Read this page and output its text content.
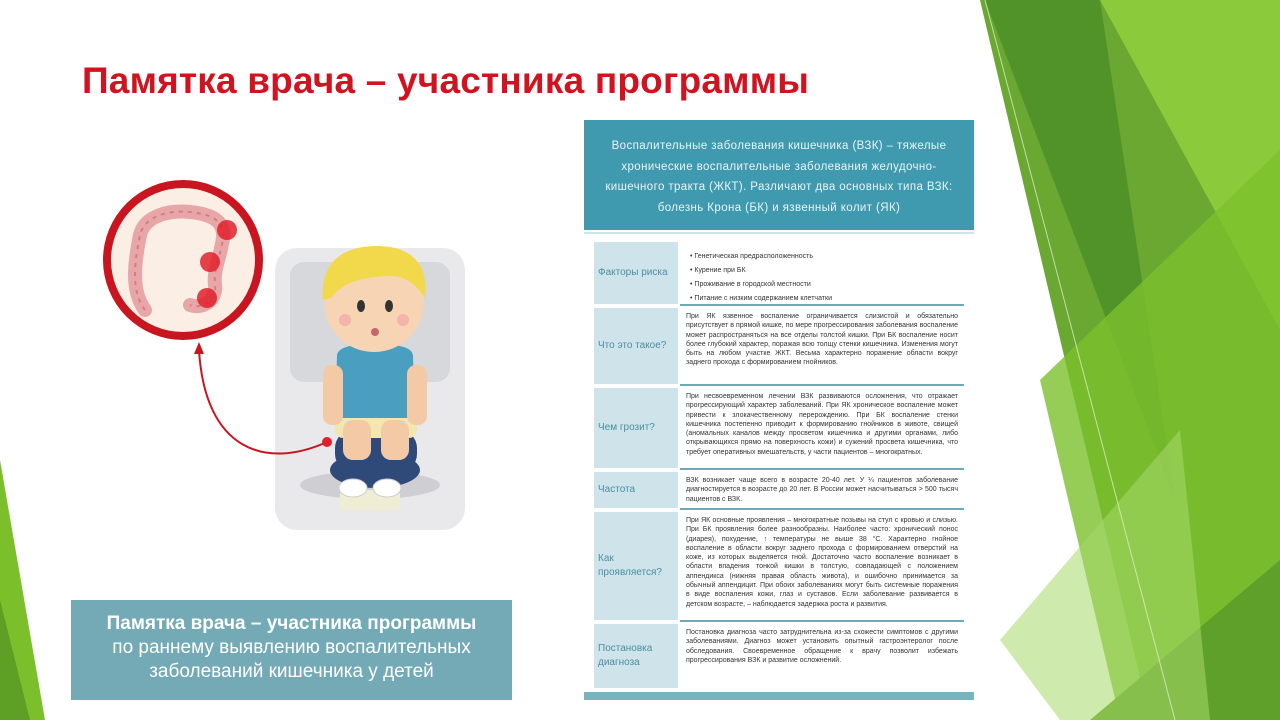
Памятка врача – участника программы
Памятка врача – участника программы
по раннему выявлению воспалительных
заболеваний кишечника у детей
Воспалительные заболевания кишечника (ВЗК) – тяжелые хронические воспалительные заболевания желудочно-кишечного тракта (ЖКТ). Различают два основных типа ВЗК: болезнь Крона (БК) и язвенный колит (ЯК)
Факторы риска
• Генетическая предрасположенность
• Курение при БК
• Проживание в городской местности
• Питание с низким содержанием клетчатки
Что это такое?
При ЯК язвенное воспаление ограничивается слизистой и обязательно присутствует в прямой кишке, по мере прогрессирования заболевания воспаление может распространяться на все отделы толстой кишки. При БК воспаление носит более глубокий характер, поражая всю толщу стенки кишечника. Изменения могут быть на любом участке ЖКТ. Весьма характерно поражение области вокруг заднего прохода с формированием гнойников.
Чем грозит?
При несвоевременном лечении ВЗК развиваются осложнения, что отражает прогрессирующий характер заболеваний. При ЯК хроническое воспаление может привести к злокачественному перерождению. При БК воспаление стенки кишечника постепенно приводит к формированию гнойников в животе, свищей (аномальных каналов между просветом кишечника и другими органами, либо открывающихся прямо на поверхность кожи) и сужений просвета кишечника, что требует оперативных вмешательств, у части пациентов – многократных.
Частота
ВЗК возникает чаще всего в возрасте 20-40 лет. У ¼ пациентов заболевание диагностируется в возрасте до 20 лет. В России может насчитываться > 500 тысяч пациентов с ВЗК.
Как проявляется?
При ЯК основные проявления – многократные позывы на стул с кровью и слизью. При БК проявления более разнообразны. Наиболее часто: хронический понос (диарея), похудение, ↑ температуры не выше 38 °С. Характерно гнойное воспаление в области вокруг заднего прохода с формированием отверстий на коже, из которых выделяется гной. Достаточно часто воспаление возникает в области впадения тонкой кишки в толстую, совпадающей с положением аппендикса (нижняя правая область живота), и ошибочно принимается за обычный аппендицит. При обоих заболеваниях могут быть системные поражения в виде воспаления кожи, глаз и суставов. Если заболевание развивается в детском возрасте, – наблюдается задержка роста и развития.
Постановка диагноза
Постановка диагноза часто затруднительна из-за схожести симптомов с другими заболеваниями. Диагноз может установить опытный гастроэнтеролог после обследования. Своевременное обращение к врачу позволит избежать прогрессирования ВЗК и развитие осложнений.
